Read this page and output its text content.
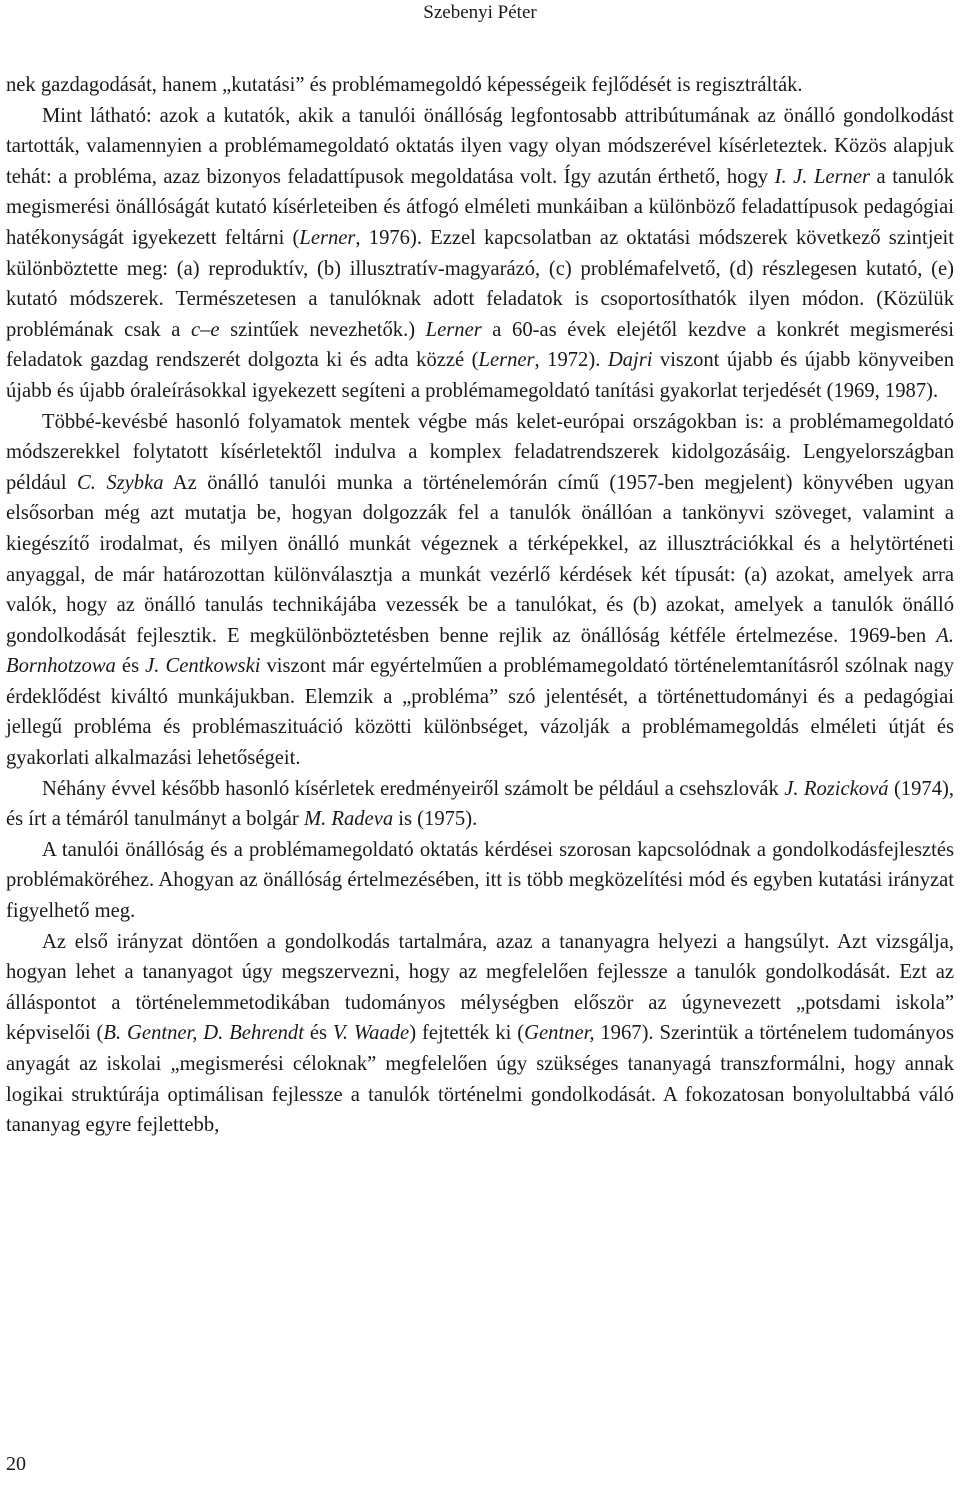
Szebenyi Péter

nek gazdagodását, hanem „kutatási” és problémamegoldó képességeik fejlődését is regisztrálták.

Mint látható: azok a kutatók, akik a tanulói önállóság legfontosabb attribútumának az önálló gondolkodást tartották, valamennyien a problémamegoldató oktatás ilyen vagy olyan módszerével kísérleteztek. Közös alapjuk tehát: a probléma, azaz bizonyos feladattípusok megoldatása volt. Így azután érthető, hogy I. J. Lerner a tanulók megismerési önállóságát kutató kísérleteiben és átfogó elméleti munkáiban a különböző feladattípusok pedagógiai hatékonyságát igyekezett feltárni (Lerner, 1976). Ezzel kapcsolatban az oktatási módszerek következő szintjeit különböztette meg: (a) reproduktív, (b) illusztratív-magyarázó, (c) problémafelvető, (d) részlegesen kutató, (e) kutató módszerek. Természetesen a tanulóknak adott feladatok is csoportosíthatók ilyen módon. (Közülük problémának csak a c–e szintűek nevezhetők.) Lerner a 60-as évek elejétől kezdve a konkrét megismerési feladatok gazdag rendszerét dolgozta ki és adta közzé (Lerner, 1972). Dajri viszont újabb és újabb könyveiben újabb és újabb óraleírásokkal igyekezett segíteni a problémamegoldató tanítási gyakorlat terjedését (1969, 1987).

Többé-kevésbé hasonló folyamatok mentek végbe más kelet-európai országokban is: a problémamegoldató módszerekkel folytatott kísérletektől indulva a komplex feladatrendszerek kidolgozásáig. Lengyelországban például C. Szybka Az önálló tanulói munka a történelemórán című (1957-ben megjelent) könyvében ugyan elsősorban még azt mutatja be, hogyan dolgozzák fel a tanulók önállóan a tankönyvi szöveget, valamint a kiegészítő irodalmat, és milyen önálló munkát végeznek a térképekkel, az illusztrációkkal és a helytörténeti anyaggal, de már határozottan különválasztja a munkát vezérlő kérdések két típusát: (a) azokat, amelyek arra valók, hogy az önálló tanulás technikájába vezessék be a tanulókat, és (b) azokat, amelyek a tanulók önálló gondolkodását fejlesztik. E megkülönböztetésben benne rejlik az önállóság kétféle értelmezése. 1969-ben A. Bornhotzowa és J. Centkowski viszont már egyértelműen a problémamegoldató történelemtanításról szólnak nagy érdeklődést kiváltó munkájukban. Elemzik a „probléma” szó jelentését, a történettudományi és a pedagógiai jellegű probléma és problémaszituáció közötti különbséget, vázolják a problémamegoldás elméleti útját és gyakorlati alkalmazási lehetőségeit.

Néhány évvel később hasonló kísérletek eredményeiről számolt be például a csehszlovák J. Rozicková (1974), és írt a témáról tanulmányt a bolgár M. Radeva is (1975).

A tanulói önállóság és a problémamegoldató oktatás kérdései szorosan kapcsolódnak a gondolkodásfejlesztés problémaköréhez. Ahogyan az önállóság értelmezésében, itt is több megközelítési mód és egyben kutatási irányzat figyelhető meg.

Az első irányzat döntően a gondolkodás tartalmára, azaz a tananyagra helyezi a hangsúlyt. Azt vizsgálja, hogyan lehet a tananyagot úgy megszervezni, hogy az megfelelően fejlessze a tanulók gondolkodását. Ezt az álláspontot a történelemmetodikában tudományos mélységben először az úgynevezett „potsdami iskola” képviselői (B. Gentner, D. Behrendt és V. Waade) fejtették ki (Gentner, 1967). Szerintük a történelem tudományos anyagát az iskolai „megismerési céloknak” megfelelően úgy szükséges tananyagá transzformálni, hogy annak logikai struktúrája optimálisan fejlessze a tanulók történelmi gondolkodását. A fokozatosan bonyolultabbá váló tananyag egyre fejlettebb,

20
